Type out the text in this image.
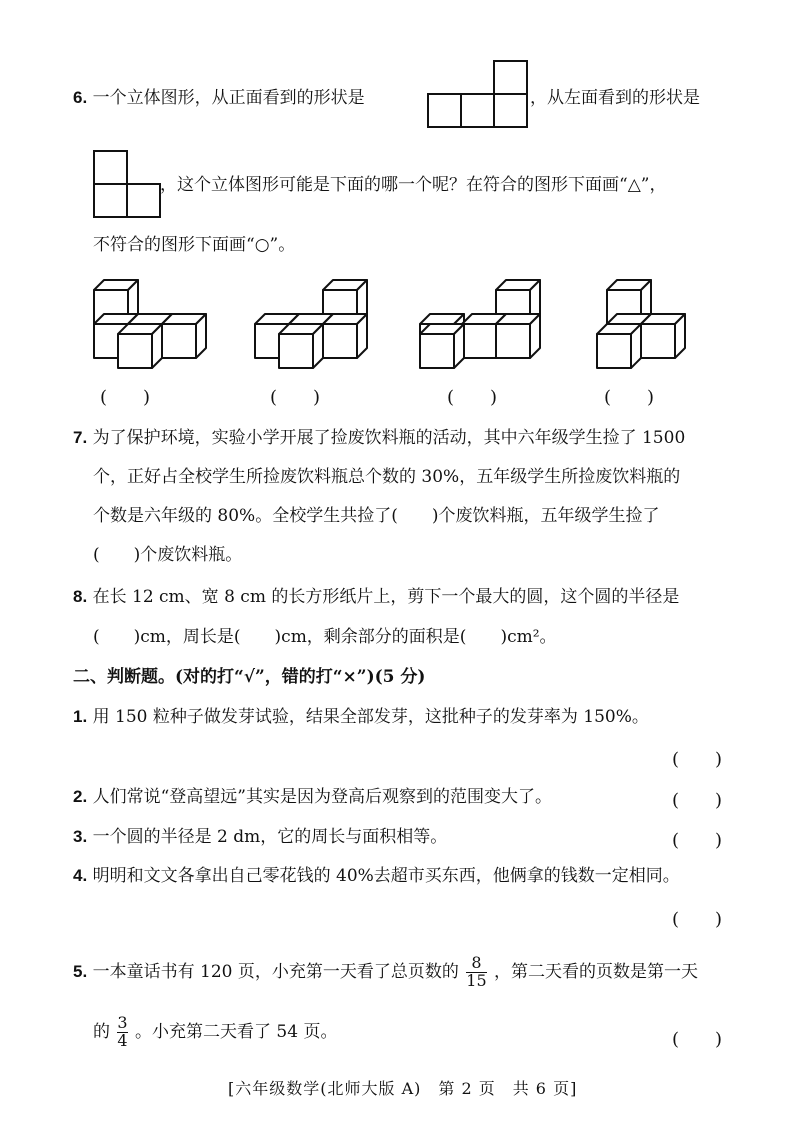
6. 一个立体图形，从正面看到的形状是	，从左面看到的形状是
，这个立体图形可能是下面的哪一个呢？在符合的图形下面画“△”，
不符合的图形下面画“○”。
(　　)	(　　)	(　　)	(　　)
7. 为了保护环境，实验小学开展了捡废饮料瓶的活动，其中六年级学生捡了 1500
个，正好占全校学生所捡废饮料瓶总个数的 30%，五年级学生所捡废饮料瓶的
个数是六年级的 80%。全校学生共捡了(　　)个废饮料瓶，五年级学生捡了
(　　)个废饮料瓶。
8. 在长 12 cm、宽 8 cm 的长方形纸片上，剪下一个最大的圆，这个圆的半径是
(　　)cm，周长是(　　)cm，剩余部分的面积是(　　)cm²。
二、判断题。(对的打“√”，错的打“×”)(5 分)
1. 用 150 粒种子做发芽试验，结果全部发芽，这批种子的发芽率为 150%。
(　　)
2. 人们常说“登高望远”其实是因为登高后观察到的范围变大了。	(　　)
3. 一个圆的半径是 2 dm，它的周长与面积相等。	(　　)
4. 明明和文文各拿出自己零花钱的 40%去超市买东西，他俩拿的钱数一定相同。
(　　)
5. 一本童话书有 120 页，小充第一天看了总页数的 $\frac{8}{15}$ ，第二天看的页数是第一天
的 $\frac{3}{4}$ 。小充第二天看了 54 页。	(　　)
[六年级数学(北师大版 A)　第 2 页　共 6 页]
